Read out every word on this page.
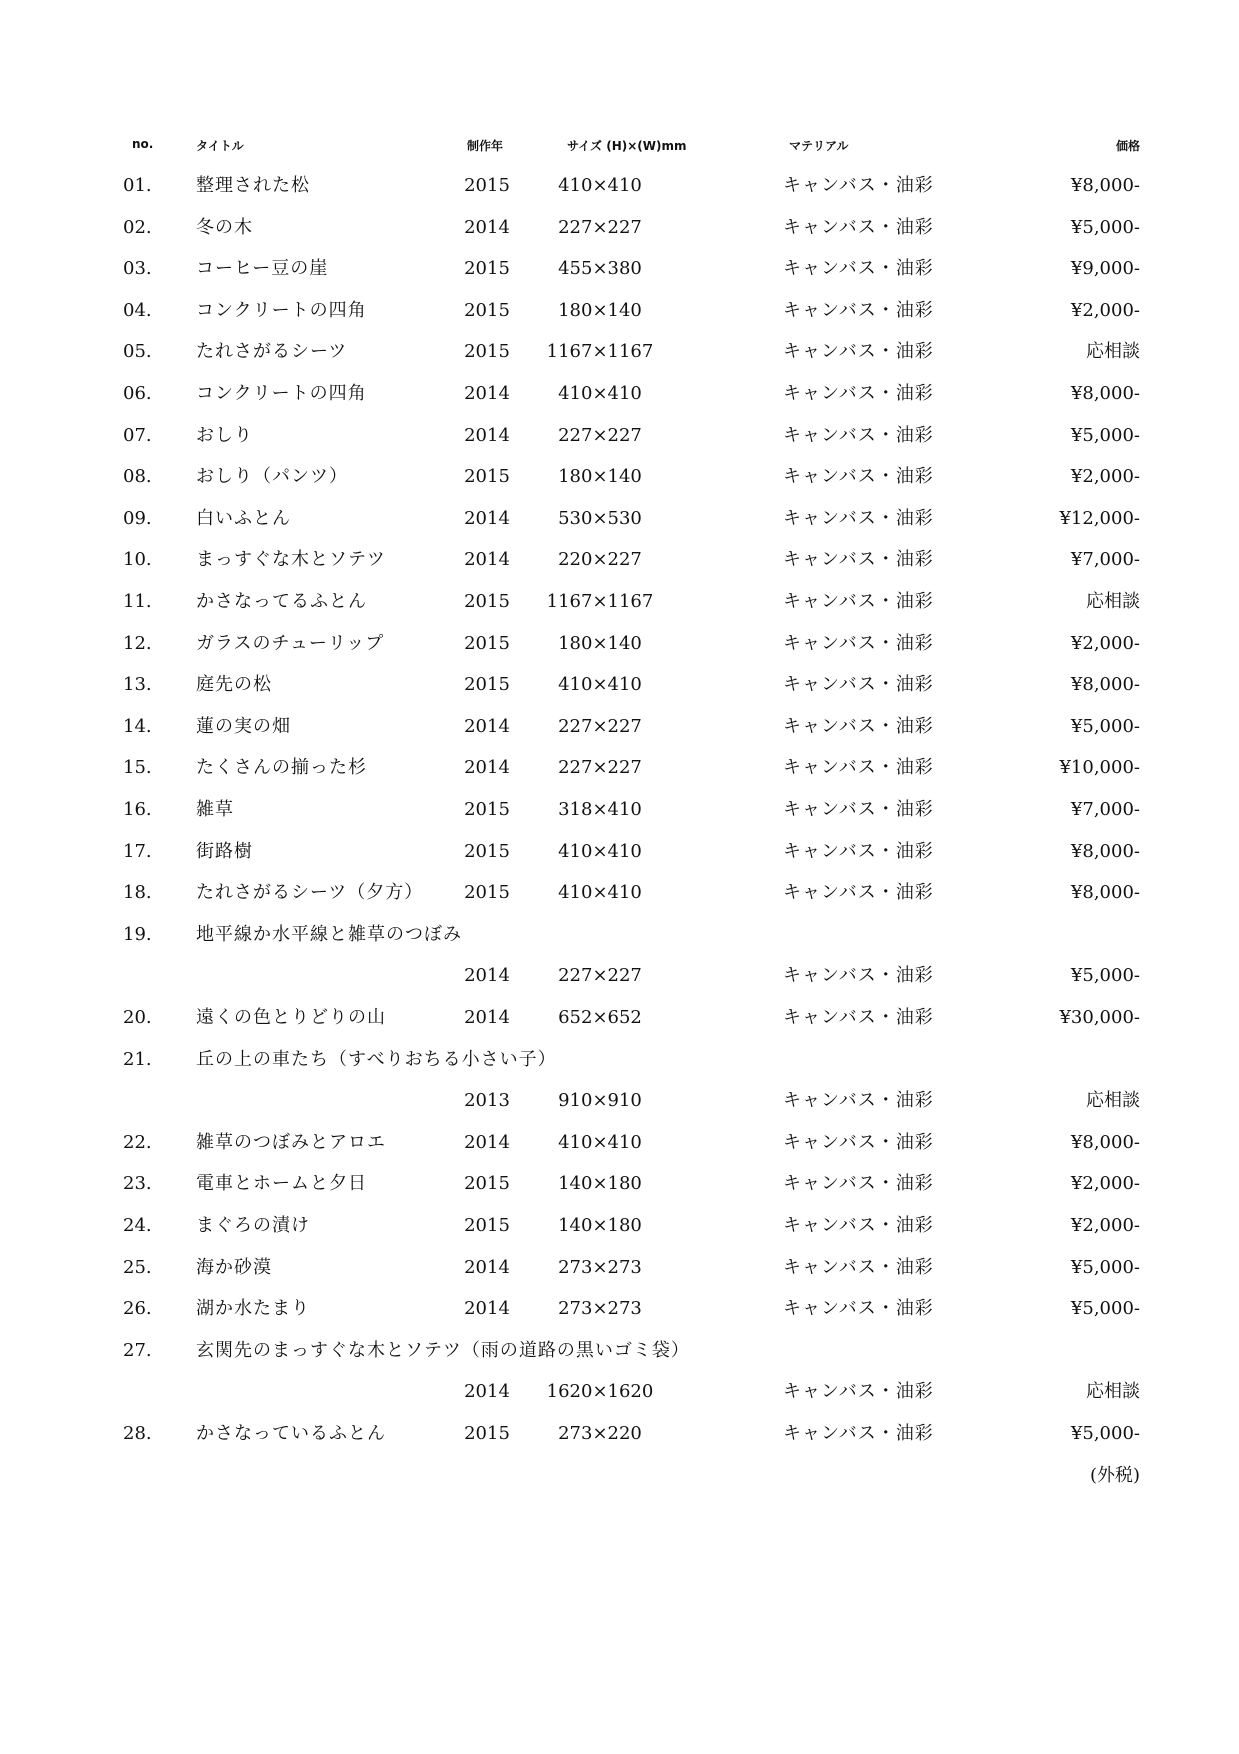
no.	タイトル	制作年	サイズ (H)×(W)mm	マテリアル	価格
01. 整理された松	2015	410×410	キャンバス・油彩	¥8,000-
02. 冬の木	2014	227×227	キャンバス・油彩	¥5,000-
03. コーヒー豆の崖	2015	455×380	キャンバス・油彩	¥9,000-
04. コンクリートの四角	2015	180×140	キャンバス・油彩	¥2,000-
05. たれさがるシーツ	2015	1167×1167	キャンバス・油彩	応相談
06. コンクリートの四角	2014	410×410	キャンバス・油彩	¥8,000-
07. おしり	2014	227×227	キャンバス・油彩	¥5,000-
08. おしり（パンツ）	2015	180×140	キャンバス・油彩	¥2,000-
09. 白いふとん	2014	530×530	キャンバス・油彩	¥12,000-
10. まっすぐな木とソテツ	2014	220×227	キャンバス・油彩	¥7,000-
11. かさなってるふとん	2015	1167×1167	キャンバス・油彩	応相談
12. ガラスのチューリップ	2015	180×140	キャンバス・油彩	¥2,000-
13. 庭先の松	2015	410×410	キャンバス・油彩	¥8,000-
14. 蓮の実の畑	2014	227×227	キャンバス・油彩	¥5,000-
15. たくさんの揃った杉	2014	227×227	キャンバス・油彩	¥10,000-
16. 雑草	2015	318×410	キャンバス・油彩	¥7,000-
17. 街路樹	2015	410×410	キャンバス・油彩	¥8,000-
18. たれさがるシーツ（夕方）	2015	410×410	キャンバス・油彩	¥8,000-
19. 地平線か水平線と雑草のつぼみ
2014	227×227	キャンバス・油彩	¥5,000-
20. 遠くの色とりどりの山	2014	652×652	キャンバス・油彩	¥30,000-
21. 丘の上の車たち（すべりおちる小さい子）
2013	910×910	キャンバス・油彩	応相談
22. 雑草のつぼみとアロエ	2014	410×410	キャンバス・油彩	¥8,000-
23. 電車とホームと夕日	2015	140×180	キャンバス・油彩	¥2,000-
24. まぐろの漬け	2015	140×180	キャンバス・油彩	¥2,000-
25. 海か砂漠	2014	273×273	キャンバス・油彩	¥5,000-
26. 湖か水たまり	2014	273×273	キャンバス・油彩	¥5,000-
27. 玄関先のまっすぐな木とソテツ（雨の道路の黒いゴミ袋）
2014	1620×1620	キャンバス・油彩	応相談
28. かさなっているふとん	2015	273×220	キャンバス・油彩	¥5,000-
(外税)
